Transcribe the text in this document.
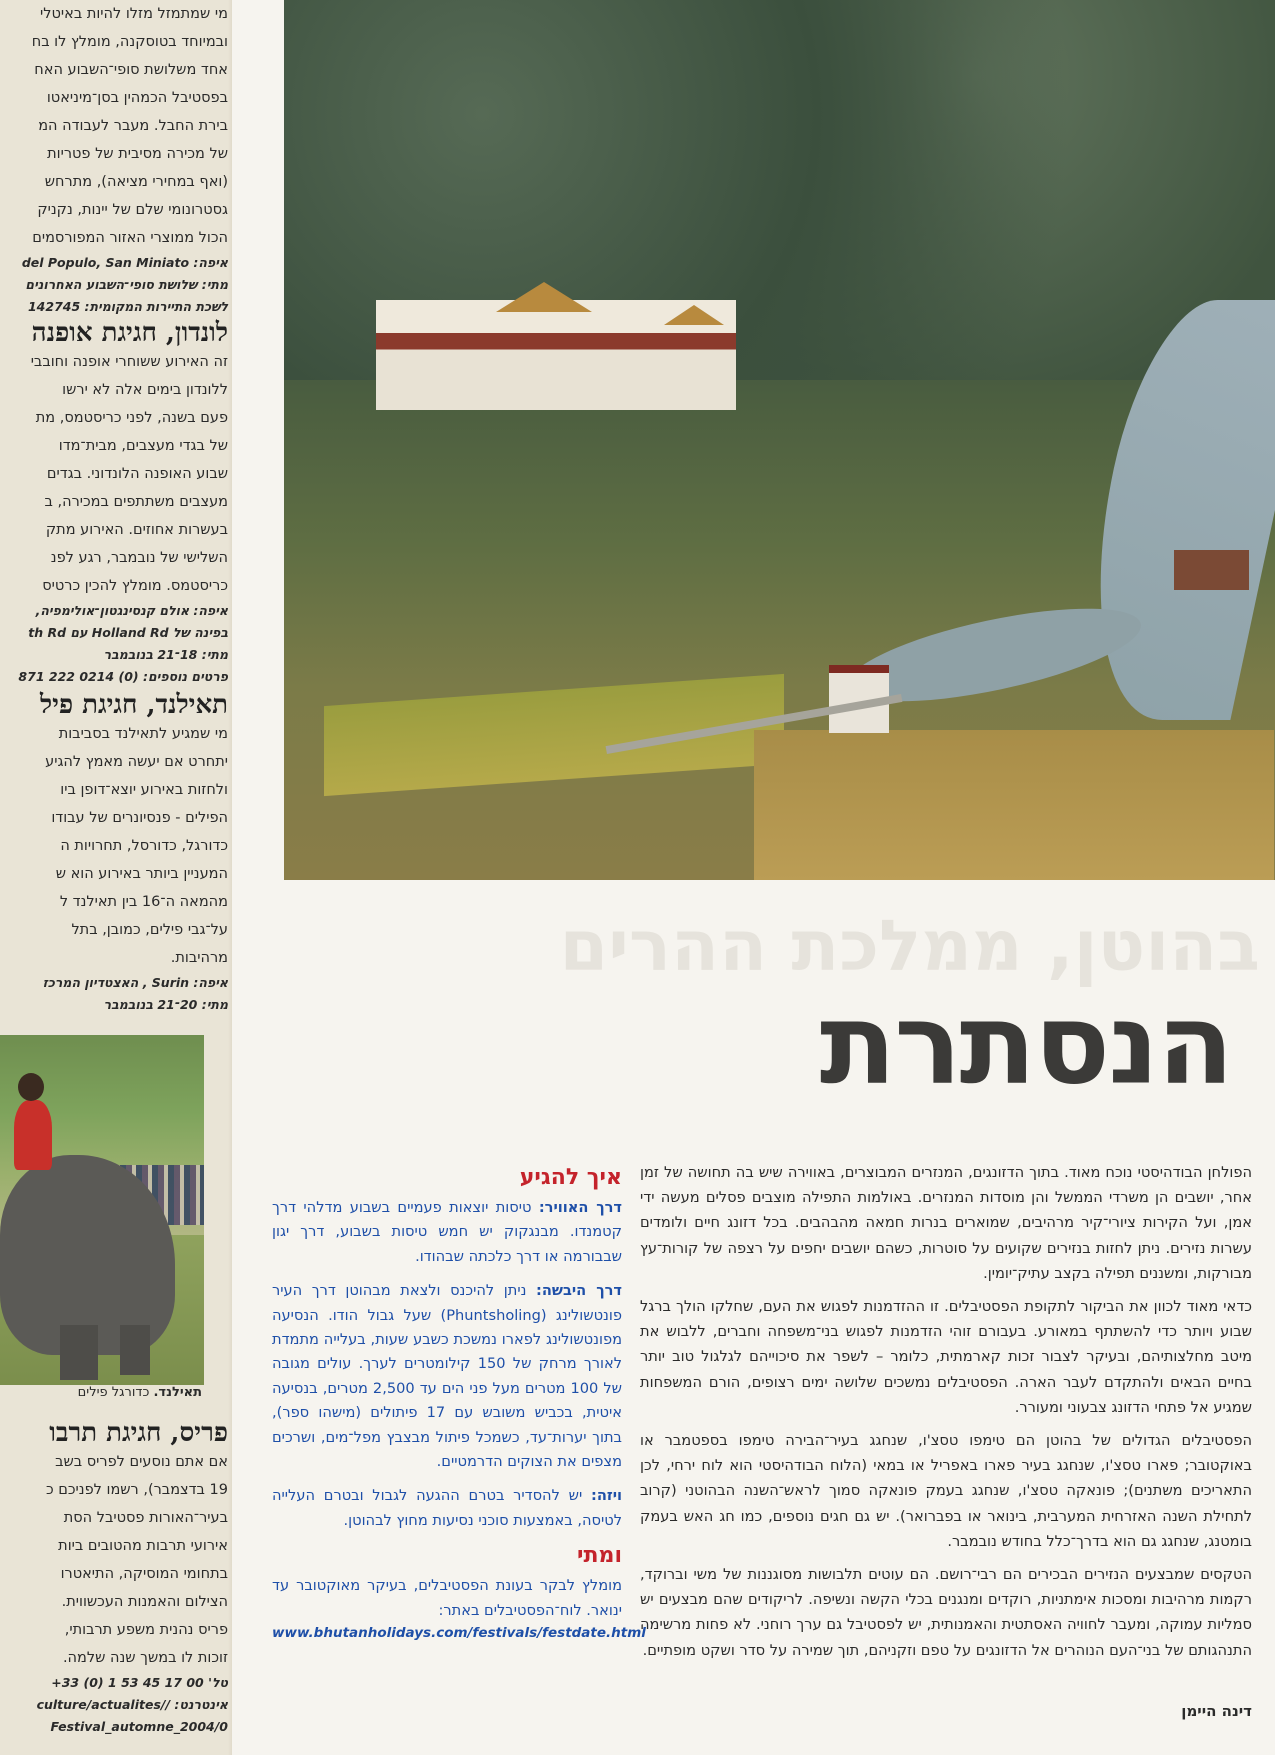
מי שמתמזל מזלו להיות באיטלי
ובמיוחד בטוסקנה, מומלץ לו בח
אחד משלושת סופי־השבוע האח
בפסטיבל הכמהין בסן־מיניאטו
בירת החבל. מעבר לעבודה המ
של מכירה מסיבית של פטריות
(ואף במחירי מציאה), מתרחש
גסטרונומי שלם של יינות, נקניק
הכול ממוצרי האזור המפורסמים
איפה: del Populo, San Miniato
מתי: שלושת סופי־השבוע האחרונים
לשכת התיירות המקומית: 142745
לונדון, חגיגת אופנה
זה האירוע ששוחרי אופנה וחובבי
ללונדון בימים אלה לא ירשו
פעם בשנה, לפני כריסטמס, מת
של בגדי מעצבים, מבית־מדו
שבוע האופנה הלונדוני. בגדים
מעצבים משתתפים במכירה, ב
בעשרות אחוזים. האירוע מתק
השלישי של נובמבר, רגע לפנ
כריסטמס. מומלץ להכין כרטיס
איפה: אולם קנסינגטון־אולימפיה,
בפינה של Holland Rd עם th Rd
מתי: 18־21 בנובמבר
פרטים נוספים: (0) 0214 222 871
תאילנד, חגיגת פיל
מי שמגיע לתאילנד בסביבות
יתחרט אם יעשה מאמץ להגיע
ולחזות באירוע יוצא־דופן ביו
הפילים - פנסיונרים של עבודו
כדורגל, כדורסל, תחרויות ה
המעניין ביותר באירוע הוא ש
מהמאה ה־16 בין תאילנד ל
על־גבי פילים, כמובן, בתל
מרהיבות.
איפה: Surin , האצטדיון המרכז
מתי: 20־21 בנובמבר
תאילנד. כדורגל פילים
פריס, חגיגת תרבו
אם אתם נוסעים לפריס בשב
19 בדצמבר), רשמו לפניכם כ
בעיר־האורות פסטיבל הסת
אירועי תרבות מהטובים ביות
בתחומי המוסיקה, התיאטרו
הצילום והאמנות העכשווית.
פריס נהנית משפע תרבותי,
זוכות לו במשך שנה שלמה.
טל' 00 17 45 53 1 (0) 33+
אינטרנט: //culture/actualites
Festival_automne_2004/0
בהוטן, ממלכת ההרים
הנסתרת

הפולחן הבודהיסטי נוכח מאוד. בתוך הדזונגים, המנזרים המבוצרים, באווירה שיש בה תחושה של זמן אחר, יושבים הן משרדי הממשל והן מוסדות המנזרים. באולמות התפילה מוצבים פסלים מעשה ידי אמן, ועל הקירות ציורי־קיר מרהיבים, שמוארים בנרות חמאה מהבהבים. בכל דזונג חיים ולומדים עשרות נזירים. ניתן לחזות בנזירים שקועים על סוטרות, כשהם יושבים יחפים על רצפה של קורות־עץ מבורקות, ומשננים תפילה בקצב עתיק־יומין.

כדאי מאוד לכוון את הביקור לתקופת הפסטיבלים. זו ההזדמנות לפגוש את העם, שחלקו הולך ברגל שבוע ויותר כדי להשתתף במאורע. בעבורם זוהי הזדמנות לפגוש בני־משפחה וחברים, ללבוש את מיטב מחלצותיהם, ובעיקר לצבור זכות קארמתית, כלומר – לשפר את סיכוייהם לגלגול טוב יותר בחיים הבאים ולהתקדם לעבר הארה. הפסטיבלים נמשכים שלושה ימים רצופים, הורם המשפחות שמגיע אל פתחי הדזונג צבעוני ומעורר.

הפסטיבלים הגדולים של בהוטן הם טימפו טסצ'ו, שנחגג בעיר־הבירה טימפו בספטמבר או באוקטובר; פארו טסצ'ו, שנחגג בעיר פארו באפריל או במאי (הלוח הבודהיסטי הוא לוח ירחי, לכן התאריכים משתנים); פונאקה טסצ'ו, שנחגג בעמק פונאקה סמוך לראש־השנה הבהוטני (קרוב לתחילת השנה האזרחית המערבית, בינואר או בפברואר). יש גם חגים נוספים, כמו חג האש בעמק בומטנג, שנחגג גם הוא בדרך־כלל בחודש נובמבר.

הטקסים שמבצעים הנזירים הבכירים הם רבי־רושם. הם עוטים תלבושות מסוגננות של משי וברוקד, רקמות מרהיבות ומסכות אימתניות, רוקדים ומנגנים בכלי הקשה ונשיפה. לריקודים שהם מבצעים יש סמליות עמוקה, ומעבר לחוויה האסתטית והאמנותית, יש לפסטיבל גם ערך רוחני. לא פחות מרשימה התנהגותם של בני־העם הנוהרים אל הדזונגים על טפם וזקניהם, תוך שמירה על סדר ושקט מופתיים.

דינה היימן
איך להגיע

דרך האוויר: טיסות יוצאות פעמיים בשבוע מדלהי דרך קטמנדו. מבנגקוק יש חמש טיסות בשבוע, דרך יגון שבבורמה או דרך כלכתה שבהודו.

דרך היבשה: ניתן להיכנס ולצאת מבהוטן דרך העיר פונטשולינג (Phuntsholing) שעל גבול הודו. הנסיעה מפונטשולינג לפארו נמשכת כשבע שעות, בעלייה מתמדת לאורך מרחק של 150 קילומטרים לערך. עולים מגובה של 100 מטרים מעל פני הים עד 2,500 מטרים, בנסיעה איטית, בכביש משובש עם 17 פיתולים (מישהו ספר), בתוך יערות־עד, כשמכל פיתול מבצבץ מפל־מים, ושרכים מצפים את הצוקים הדרמטיים.

ויזה: יש להסדיר בטרם ההגעה לגבול ובטרם העלייה לטיסה, באמצעות סוכני נסיעות מחוץ לבהוטן.

ומתי

מומלץ לבקר בעונת הפסטיבלים, בעיקר מאוקטובר עד ינואר. לוח־הפסטיבלים באתר:

www.bhutanholidays.com/festivals/festdate.html
